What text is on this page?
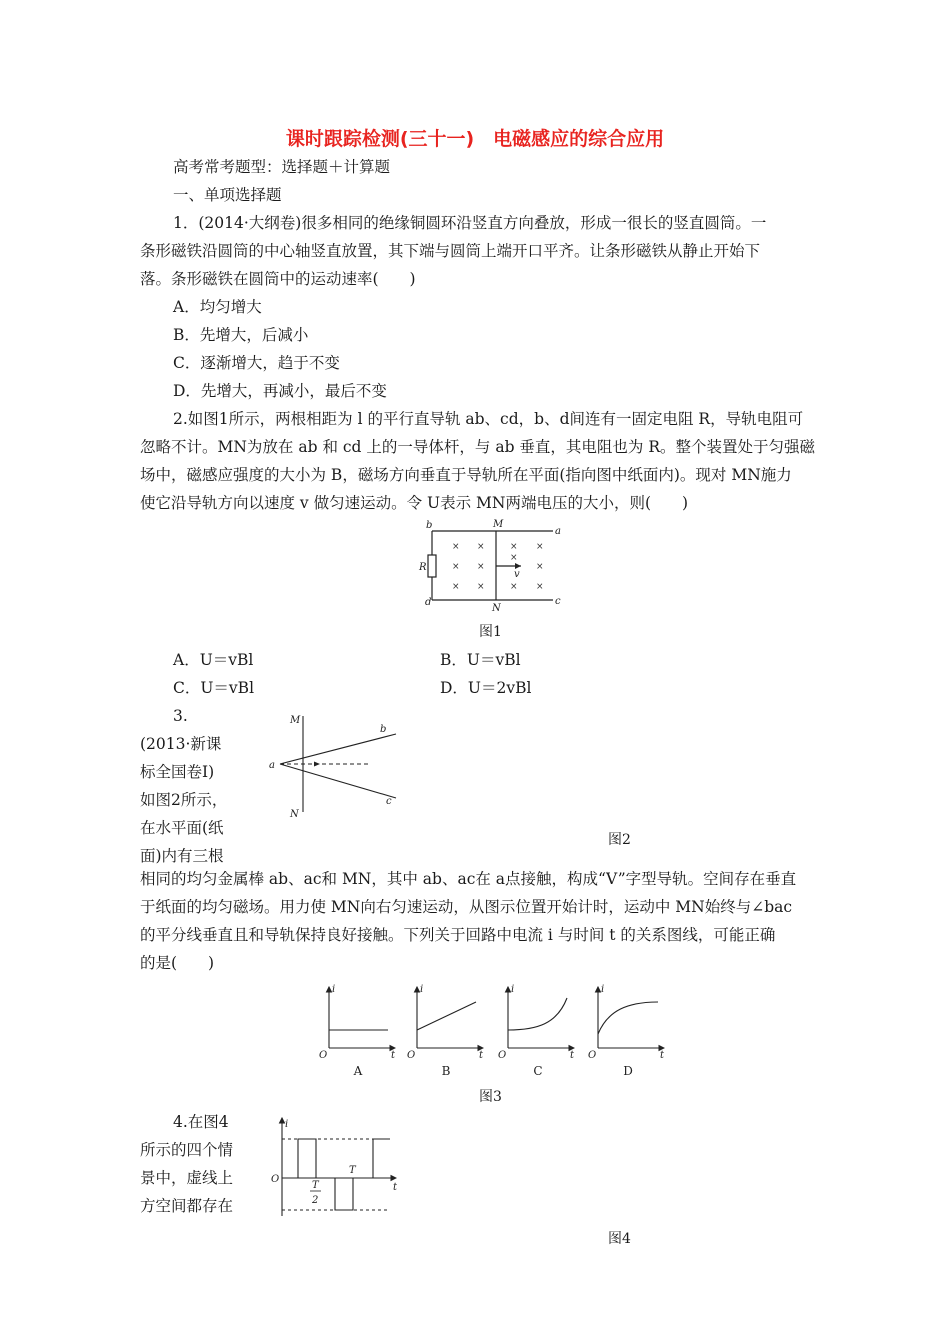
课时跟踪检测(三十一)　电磁感应的综合应用
高考常考题型：选择题＋计算题
一、单项选择题
1．(2014·大纲卷)很多相同的绝缘铜圆环沿竖直方向叠放，形成一很长的竖直圆筒。一
条形磁铁沿圆筒的中心轴竖直放置，其下端与圆筒上端开口平齐。让条形磁铁从静止开始下
落。条形磁铁在圆筒中的运动速率(　　)
A．均匀增大
B．先增大，后减小
C．逐渐增大，趋于不变
D．先增大，再减小，最后不变
2.如图1所示，两根相距为 l 的平行直导轨 ab、cd，b、d间连有一固定电阻 R，导轨电阻可
忽略不计。MN为放在 ab 和 cd 上的一导体杆，与 ab 垂直，其电阻也为 R。整个装置处于匀强磁
场中，磁感应强度的大小为 B，磁场方向垂直于导轨所在平面(指向图中纸面内)。现对 MN施力
使它沿导轨方向以速度 v 做匀速运动。令 U表示 MN两端电压的大小，则(　　)
b	M
a
R
v
d
N
c
× ×	× ×
× ×
×
×
× ×	× ×
图1
A．U＝vBl	B．U＝vBl
C．U＝vBl	D．U＝2vBl
3.
(2013·新课
标全国卷Ⅰ)
如图2所示，
在水平面(纸
面)内有三根
M
N
a
b
c
图2
相同的均匀金属棒 ab、ac和 MN，其中 ab、ac在 a点接触，构成“V”字型导轨。空间存在垂直
于纸面的均匀磁场。用力使 MN向右匀速运动，从图示位置开始计时，运动中 MN始终与∠bac
的平分线垂直且和导轨保持良好接触。下列关于回路中电流 i 与时间 t 的关系图线，可能正确
的是(　　)
i
t
O
i
t
O
i
t
O
i
t
O
A	B	C	D
图3
4.在图4
所示的四个情
景中，虚线上
方空间都存在
i
t
O
T
T
2
图4
